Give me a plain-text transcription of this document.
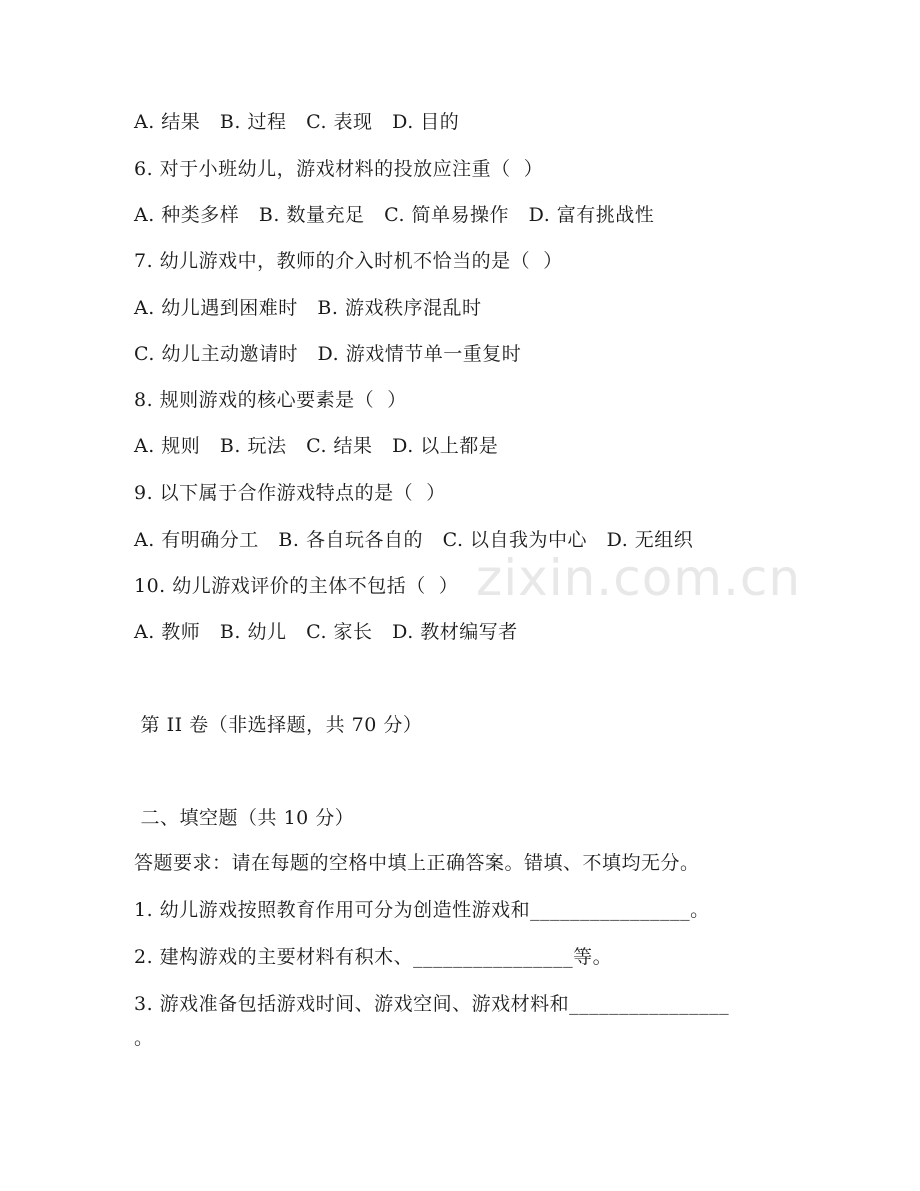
zixin.com.cn
A. 结果   B. 过程   C. 表现   D. 目的
6. 对于小班幼儿，游戏材料的投放应注重（  ）
A. 种类多样   B. 数量充足   C. 简单易操作   D. 富有挑战性
7. 幼儿游戏中，教师的介入时机不恰当的是（  ）
A. 幼儿遇到困难时   B. 游戏秩序混乱时
C. 幼儿主动邀请时   D. 游戏情节单一重复时
8. 规则游戏的核心要素是（  ）
A. 规则   B. 玩法   C. 结果   D. 以上都是
9. 以下属于合作游戏特点的是（  ）
A. 有明确分工   B. 各自玩各自的   C. 以自我为中心   D. 无组织
10. 幼儿游戏评价的主体不包括（  ）
A. 教师   B. 幼儿   C. 家长   D. 教材编写者
第 II 卷（非选择题，共 70 分）
二、填空题（共 10 分）
答题要求：请在每题的空格中填上正确答案。错填、不填均无分。
1. 幼儿游戏按照教育作用可分为创造性游戏和________________。
2. 建构游戏的主要材料有积木、________________等。
3. 游戏准备包括游戏时间、游戏空间、游戏材料和________________
。
